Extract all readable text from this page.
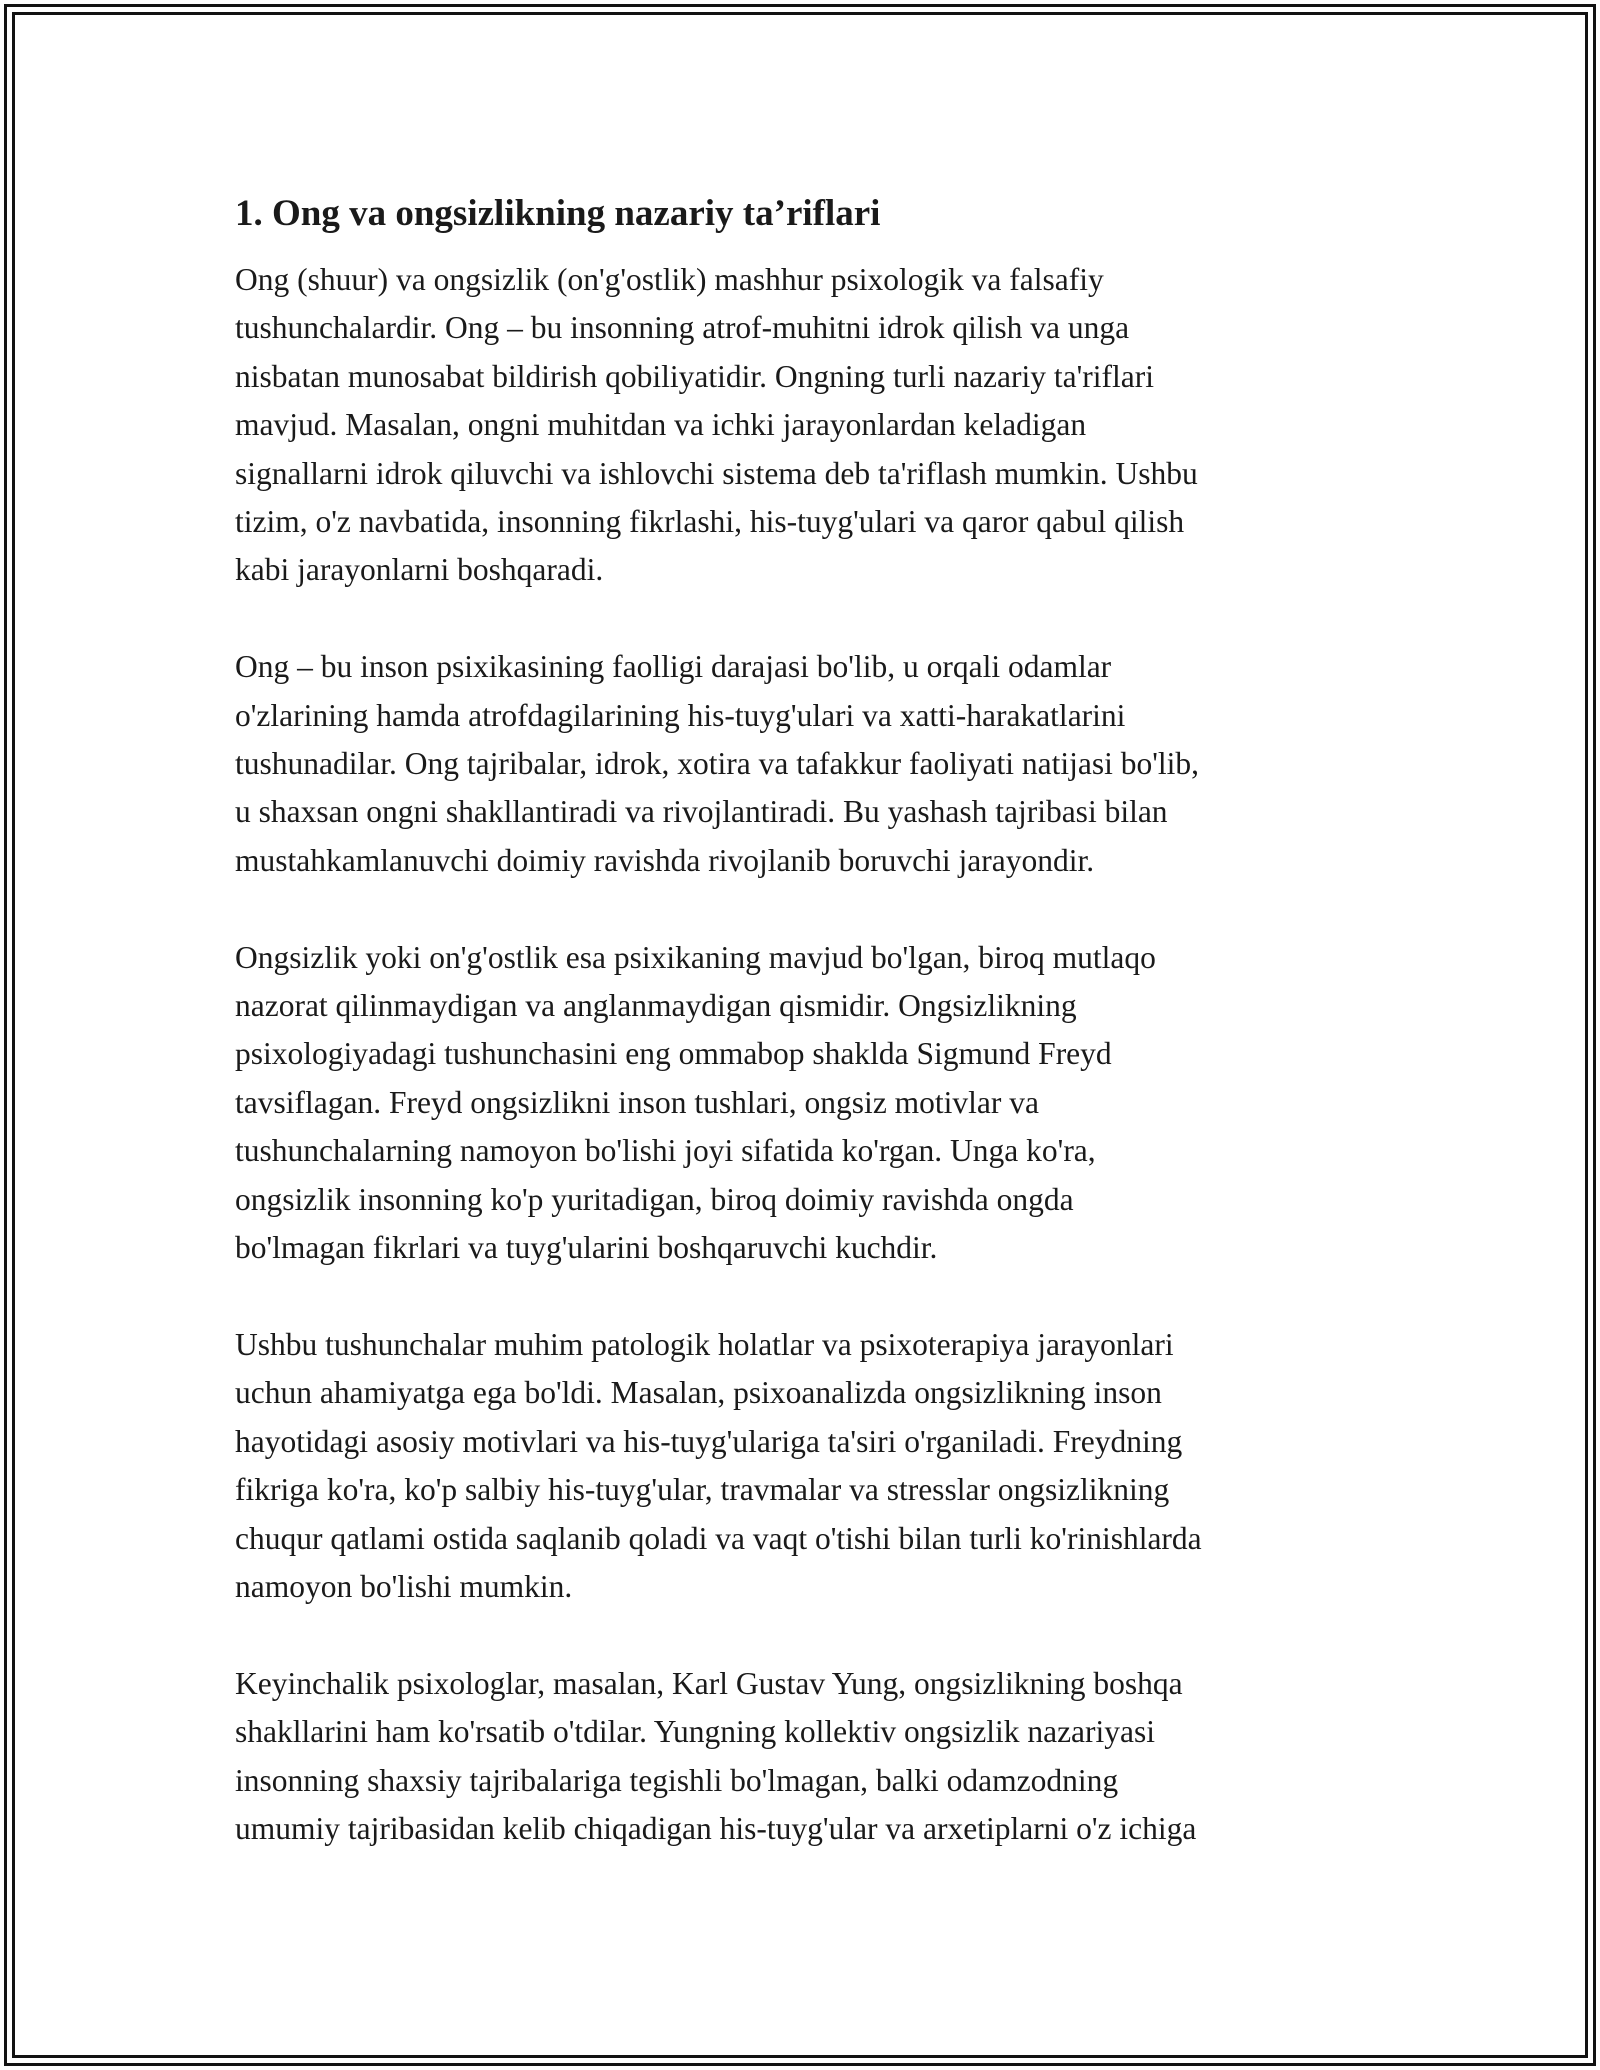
1. Ong va ongsizlikning nazariy ta’riflari

Ong (shuur) va ongsizlik (on'g'ostlik) mashhur psixologik va falsafiy
tushunchalardir. Ong – bu insonning atrof-muhitni idrok qilish va unga
nisbatan munosabat bildirish qobiliyatidir. Ongning turli nazariy ta'riflari
mavjud. Masalan, ongni muhitdan va ichki jarayonlardan keladigan
signallarni idrok qiluvchi va ishlovchi sistema deb ta'riflash mumkin. Ushbu
tizim, o'z navbatida, insonning fikrlashi, his-tuyg'ulari va qaror qabul qilish
kabi jarayonlarni boshqaradi.

Ong – bu inson psixikasining faolligi darajasi bo'lib, u orqali odamlar
o'zlarining hamda atrofdagilarining his-tuyg'ulari va xatti-harakatlarini
tushunadilar. Ong tajribalar, idrok, xotira va tafakkur faoliyati natijasi bo'lib,
u shaxsan ongni shakllantiradi va rivojlantiradi. Bu yashash tajribasi bilan
mustahkamlanuvchi doimiy ravishda rivojlanib boruvchi jarayondir.

Ongsizlik yoki on'g'ostlik esa psixikaning mavjud bo'lgan, biroq mutlaqo
nazorat qilinmaydigan va anglanmaydigan qismidir. Ongsizlikning
psixologiyadagi tushunchasini eng ommabop shaklda Sigmund Freyd
tavsiflagan. Freyd ongsizlikni inson tushlari, ongsiz motivlar va
tushunchalarning namoyon bo'lishi joyi sifatida ko'rgan. Unga ko'ra,
ongsizlik insonning ko'p yuritadigan, biroq doimiy ravishda ongda
bo'lmagan fikrlari va tuyg'ularini boshqaruvchi kuchdir.

Ushbu tushunchalar muhim patologik holatlar va psixoterapiya jarayonlari
uchun ahamiyatga ega bo'ldi. Masalan, psixoanalizda ongsizlikning inson
hayotidagi asosiy motivlari va his-tuyg'ulariga ta'siri o'rganiladi. Freydning
fikriga ko'ra, ko'p salbiy his-tuyg'ular, travmalar va stresslar ongsizlikning
chuqur qatlami ostida saqlanib qoladi va vaqt o'tishi bilan turli ko'rinishlarda
namoyon bo'lishi mumkin.

Keyinchalik psixologlar, masalan, Karl Gustav Yung, ongsizlikning boshqa
shakllarini ham ko'rsatib o'tdilar. Yungning kollektiv ongsizlik nazariyasi
insonning shaxsiy tajribalariga tegishli bo'lmagan, balki odamzodning
umumiy tajribasidan kelib chiqadigan his-tuyg'ular va arxetiplarni o'z ichiga
